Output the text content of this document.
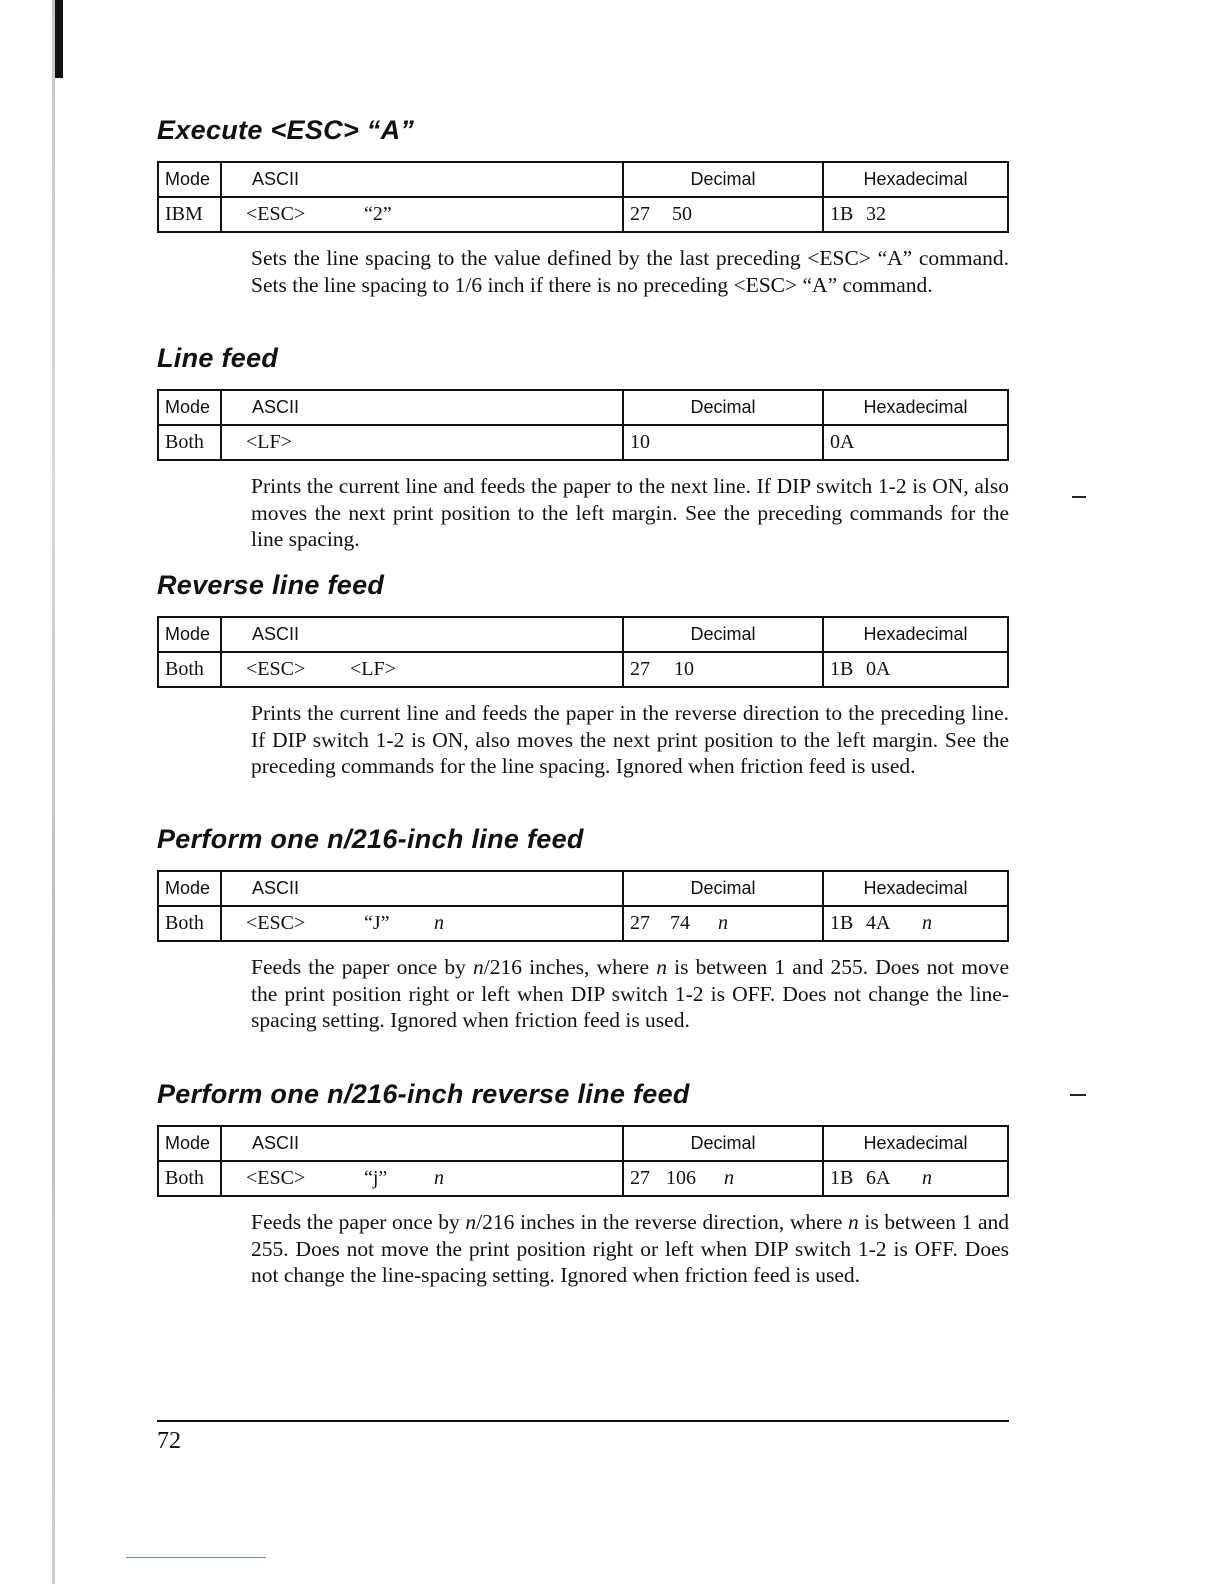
Execute <ESC> “A”
Mode	ASCII	Decimal	Hexadecimal
IBM	<ESC> “2”	27 50	1B 32

Sets the line spacing to the value defined by the last preceding <ESC> “A” command. Sets the line spacing to 1/6 inch if there is no preceding <ESC> “A” command.

Line feed
Mode	ASCII	Decimal	Hexadecimal
Both	<LF>	10	0A

Prints the current line and feeds the paper to the next line. If DIP switch 1-2 is ON, also moves the next print position to the left margin. See the preceding commands for the line spacing.

Reverse line feed
Mode	ASCII	Decimal	Hexadecimal
Both	<ESC> <LF>	27 10	1B 0A

Prints the current line and feeds the paper in the reverse direction to the preceding line. If DIP switch 1-2 is ON, also moves the next print position to the left margin. See the preceding commands for the line spacing. Ignored when friction feed is used.

Perform one n/216-inch line feed
Mode	ASCII	Decimal	Hexadecimal
Both	<ESC> “J” n	27 74 n	1B 4A n

Feeds the paper once by n/216 inches, where n is between 1 and 255. Does not move the print position right or left when DIP switch 1-2 is OFF. Does not change the line-spacing setting. Ignored when friction feed is used.

Perform one n/216-inch reverse line feed
Mode	ASCII	Decimal	Hexadecimal
Both	<ESC> “j” n	27 106 n	1B 6A n

Feeds the paper once by n/216 inches in the reverse direction, where n is between 1 and 255. Does not move the print position right or left when DIP switch 1-2 is OFF. Does not change the line-spacing setting. Ignored when friction feed is used.

72
